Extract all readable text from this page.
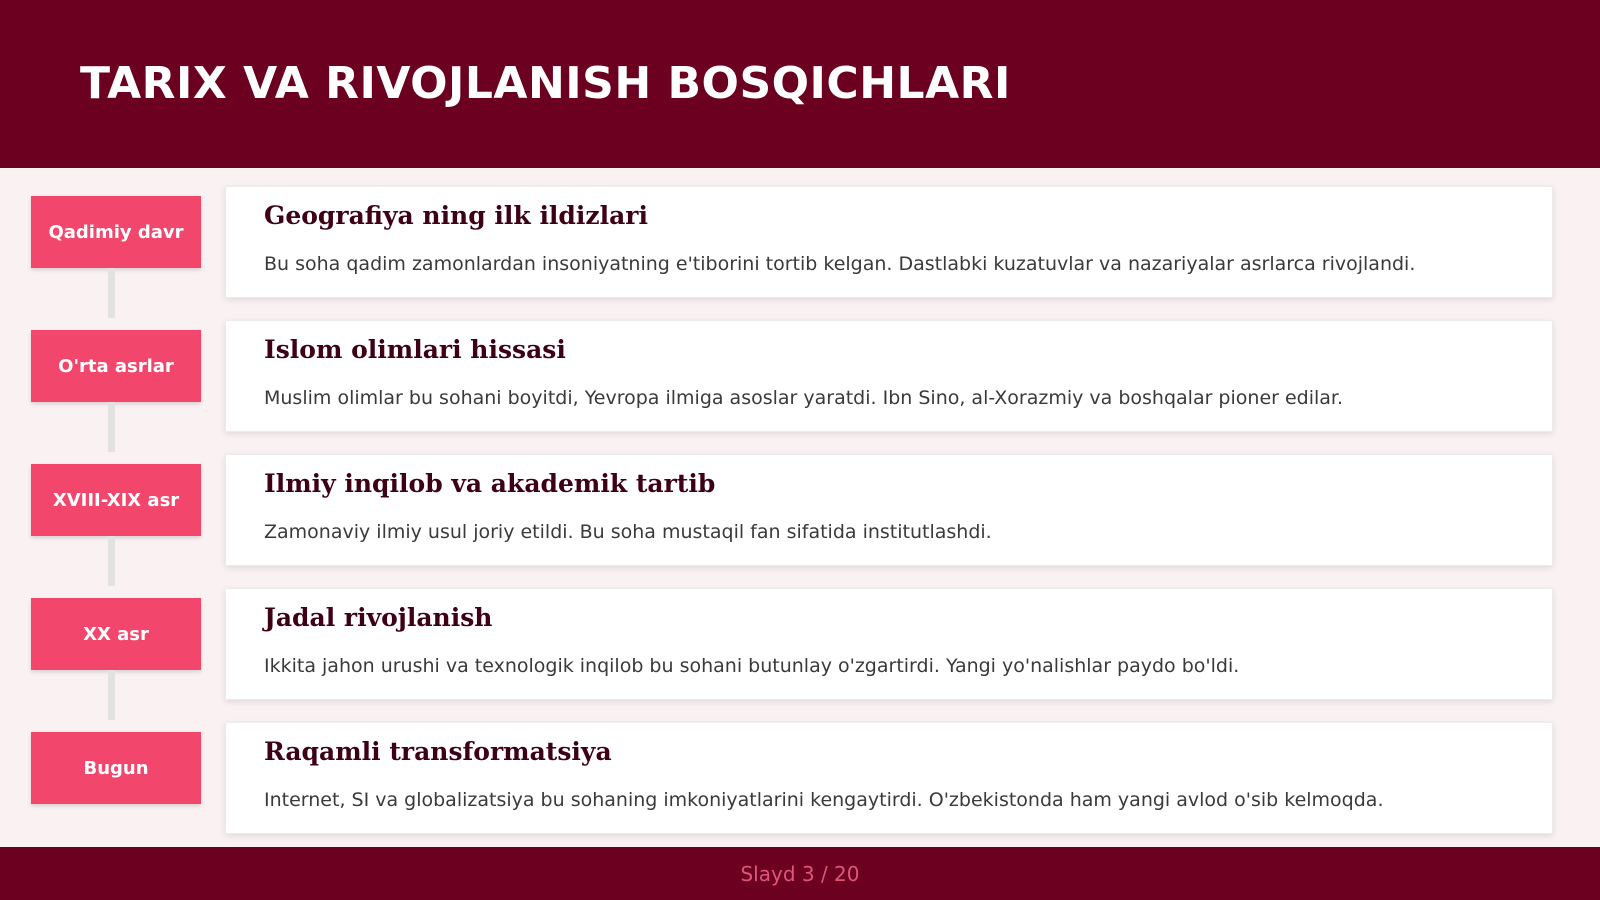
TARIX VA RIVOJLANISH BOSQICHLARI
Qadimiy davr
Geografiya ning ilk ildizlari

Bu soha qadim zamonlardan insoniyatning e'tiborini tortib kelgan. Dastlabki kuzatuvlar va nazariyalar asrlarca rivojlandi.

O'rta asrlar
Islom olimlari hissasi

Muslim olimlar bu sohani boyitdi, Yevropa ilmiga asoslar yaratdi. Ibn Sino, al-Xorazmiy va boshqalar pioner edilar.

XVIII-XIX asr
Ilmiy inqilob va akademik tartib

Zamonaviy ilmiy usul joriy etildi. Bu soha mustaqil fan sifatida institutlashdi.

XX asr
Jadal rivojlanish

Ikkita jahon urushi va texnologik inqilob bu sohani butunlay o'zgartirdi. Yangi yo'nalishlar paydo bo'ldi.

Bugun
Raqamli transformatsiya

Internet, SI va globalizatsiya bu sohaning imkoniyatlarini kengaytirdi. O'zbekistonda ham yangi avlod o'sib kelmoqda.

Slayd 3 / 20
